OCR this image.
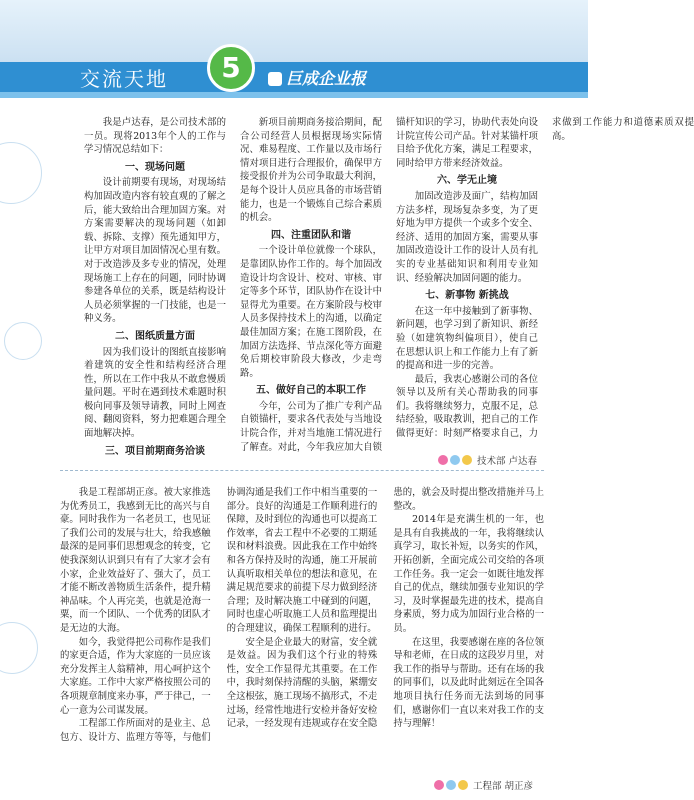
交流天地	5	巨成企业报

我是卢达春，是公司技术部的一员。现将2013年个人的工作与学习情况总结如下：

一、现场问题

设计前期要有现场，对现场结构加固改造内容有较直观的了解之后，能大致给出合理加固方案。对方案需要解决的现场问题（如卸载、拆除、支撑）预先通知甲方，让甲方对项目加固情况心里有数。对于改造涉及多专业的情况，处理现场施工上存在的问题，同时协调参建各单位的关系，既是结构设计人员必须掌握的一门技能，也是一种义务。

二、图纸质量方面

因为我们设计的图纸直接影响着建筑的安全性和结构经济合理性，所以在工作中我从不敢怠慢质量问题。平时在遇到技术难题时积极向同事及领导请教，同时上网查阅、翻阅资料，努力把难题合理全面地解决掉。

三、项目前期商务洽谈

新项目前期商务接洽期间，配合公司经营人员根据现场实际情况、难易程度、工作量以及市场行情对项目进行合理报价，确保甲方接受报价并为公司争取最大利润，是每个设计人员应具备的市场营销能力，也是一个锻炼自己综合素质的机会。

四、注重团队和谐

一个设计单位就像一个球队，是靠团队协作工作的。每个加固改造设计均含设计、校对、审核、审定等多个环节，团队协作在设计中显得尤为重要。在方案阶段与校审人员多保持技术上的沟通，以确定最佳加固方案；在施工图阶段，在加固方法选择、节点深化等方面避免后期校审阶段大修改，少走弯路。

五、做好自己的本职工作

今年，公司为了推广专利产品自锁锚杆，要求各代表处与当地设计院合作，并对当地施工情况进行了解查。对此，今年我应加大自锁锚杆知识的学习，协助代表处向设计院宣传公司产品。针对某锚杆项目给予优化方案，满足工程要求，同时给甲方带来经济效益。

六、学无止境

加固改造涉及面广，结构加固方法多样，现场复杂多变，为了更好地为甲方提供一个或多个安全、经济、适用的加固方案，需要从事加固改造设计工作的设计人员有扎实的专业基础知识和利用专业知识、经验解决加固问题的能力。

七、新事物 新挑战

在这一年中接触到了新事物、新问题，也学习到了新知识、新经验（如建筑物纠偏项目），使自己在思想认识上和工作能力上有了新的提高和进一步的完善。

最后，我衷心感谢公司的各位领导以及所有关心帮助我的同事们。我将继续努力，克服不足，总结经验，吸取教训，把自己的工作做得更好：时刻严格要求自己，力求做到工作能力和道德素质双提高。

技术部 卢达春

我是工程部胡正彦。被大家推选为优秀员工，我感到无比的高兴与自豪。同时我作为一名老员工，也见证了我们公司的发展与壮大，给我感触最深的是同事们思想观念的转变，它使我深刻认识到只有有了大家才会有小家，企业效益好了、强大了，员工才能不断改善物质生活条件，提升精神品味。个人再完美，也就是沧海一粟，而一个团队、一个优秀的团队才是无边的大海。

如今，我觉得把公司称作是我们的家更合适，作为大家庭的一员应该充分发挥主人翁精神，用心呵护这个大家庭。工作中大家严格按照公司的各项规章制度来办事，严于律己，一心一意为公司谋发展。

工程部工作所面对的是业主、总包方、设计方、监理方等等，与他们协调沟通是我们工作中相当重要的一部分。良好的沟通是工作顺利进行的保障，及时到位的沟通也可以提高工作效率，省去工程中不必要的工期延误和材料浪费。因此我在工作中始终和各方保持及时的沟通，施工开展前认真听取相关单位的想法和意见，在满足规范要求的前提下尽力做到经济合理；及时解决施工中碰到的问题，同时也虚心听取施工人员和监理提出的合理建议，确保工程顺利的进行。

安全是企业最大的财富，安全就是效益。因为我们这个行业的特殊性，安全工作显得尤其重要。在工作中，我时刻保持清醒的头脑，紧绷安全这根弦，施工现场不搞形式，不走过场，经常性地进行安检并备好安检记录，一经发现有违规或存在安全隐患的，就会及时提出整改措施并马上整改。

2014年是充满生机的一年，也是具有自我挑战的一年，我将继续认真学习，取长补短，以务实的作风，开拓创新，全面完成公司交给的各项工作任务。我一定会一如既往地发挥自己的优点，继续加强专业知识的学习，及时掌握最先进的技术，提高自身素质，努力成为加固行业合格的一员。

在这里，我要感谢在座的各位领导和老师，在日成的这段岁月里，对我工作的指导与帮助。还有在场的我的同事们，以及此时此刻远在全国各地项目执行任务而无法到场的同事们，感谢你们一直以来对我工作的支持与理解！

工程部 胡正彦
